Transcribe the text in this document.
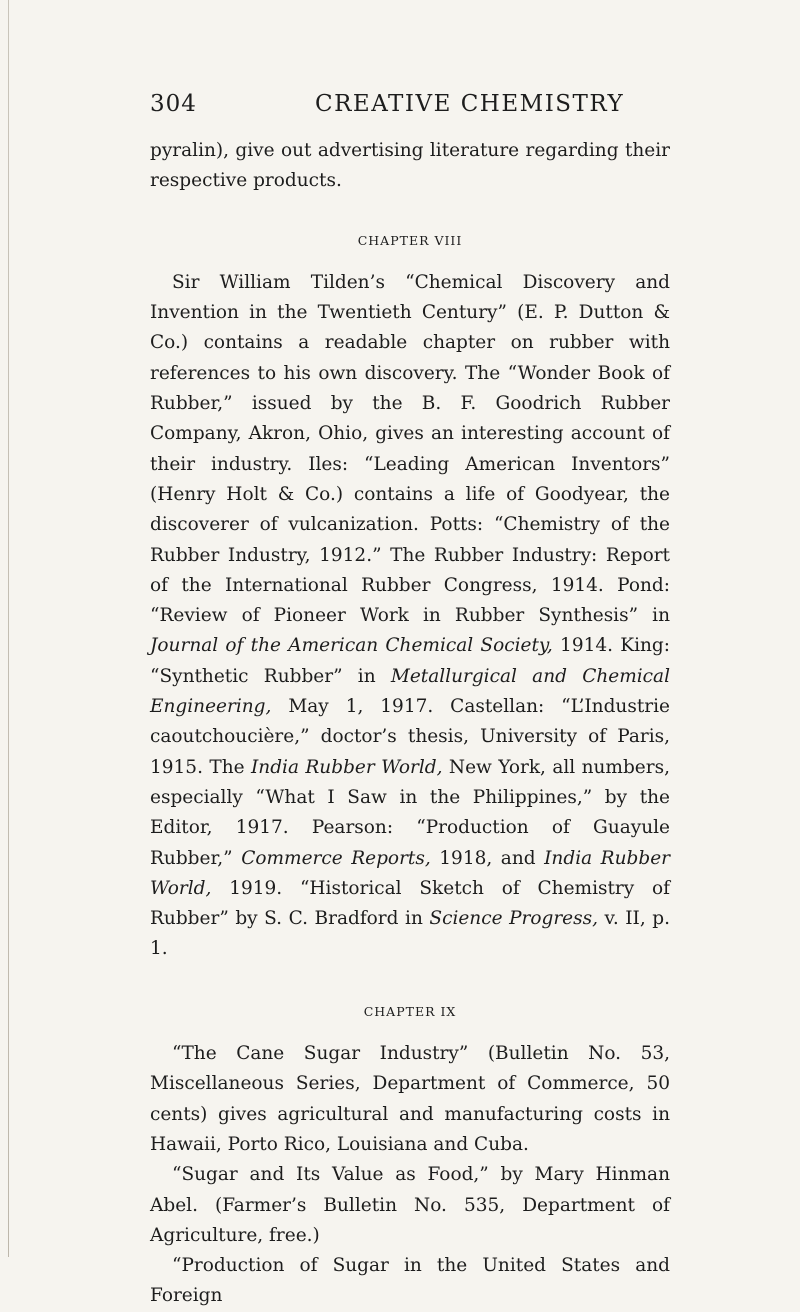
304	CREATIVE CHEMISTRY

pyralin), give out advertising literature regarding their respective products.

CHAPTER VIII

Sir William Tilden’s “Chemical Discovery and Invention in the Twentieth Century” (E. P. Dutton & Co.) contains a readable chapter on rubber with references to his own discovery. The “Wonder Book of Rubber,” issued by the B. F. Goodrich Rubber Company, Akron, Ohio, gives an interesting account of their industry. Iles: “Leading American Inventors” (Henry Holt & Co.) contains a life of Goodyear, the discoverer of vulcanization. Potts: “Chemistry of the Rubber Industry, 1912.” The Rubber Industry: Report of the International Rubber Congress, 1914. Pond: “Review of Pioneer Work in Rubber Synthesis” in Journal of the American Chemical Society, 1914. King: “Synthetic Rubber” in Metallurgical and Chemical Engineering, May 1, 1917. Castellan: “L’Industrie caoutchoucière,” doctor’s thesis, University of Paris, 1915. The India Rubber World, New York, all numbers, especially “What I Saw in the Philippines,” by the Editor, 1917. Pearson: “Production of Guayule Rubber,” Commerce Reports, 1918, and India Rubber World, 1919. “Historical Sketch of Chemistry of Rubber” by S. C. Bradford in Science Progress, v. II, p. 1.

CHAPTER IX

“The Cane Sugar Industry” (Bulletin No. 53, Miscellaneous Series, Department of Commerce, 50 cents) gives agricultural and manufacturing costs in Hawaii, Porto Rico, Louisiana and Cuba.

“Sugar and Its Value as Food,” by Mary Hinman Abel. (Farmer’s Bulletin No. 535, Department of Agriculture, free.)

“Production of Sugar in the United States and Foreign
